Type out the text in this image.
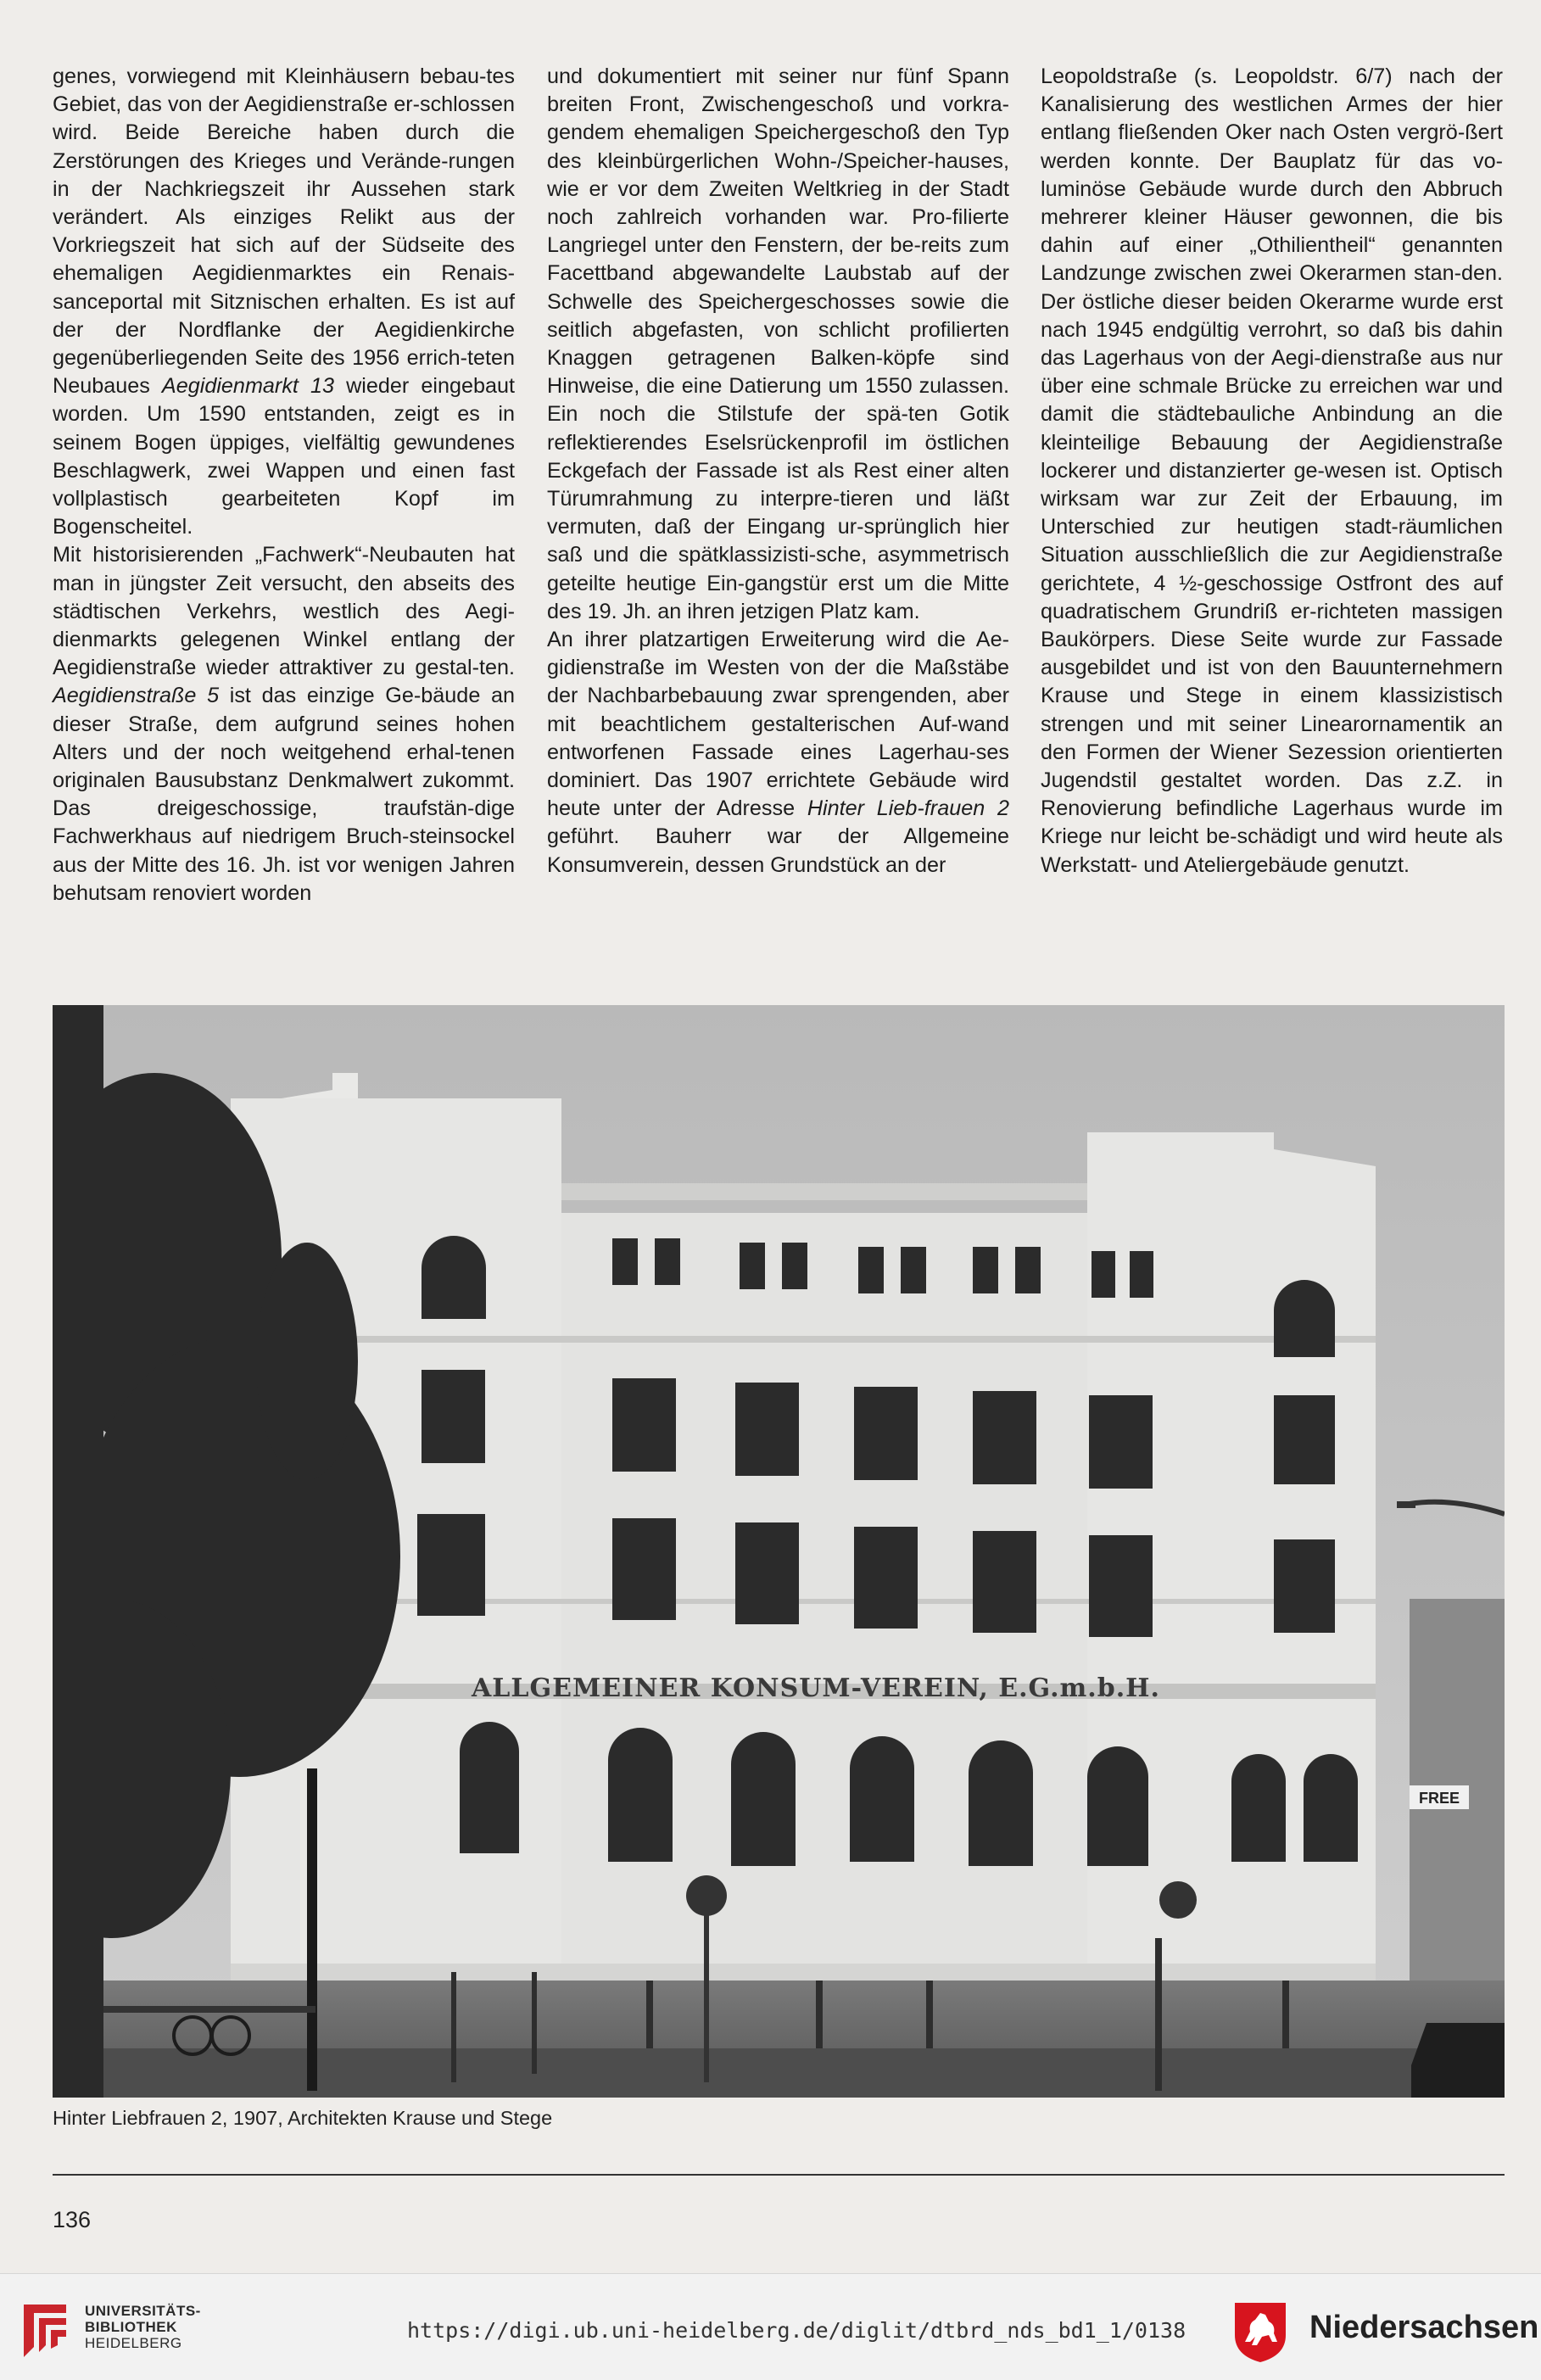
genes, vorwiegend mit Kleinhäusern bebau-tes Gebiet, das von der Aegidienstraße er-schlossen wird. Beide Bereiche haben durch die Zerstörungen des Krieges und Verände-rungen in der Nachkriegszeit ihr Aussehen stark verändert. Als einziges Relikt aus der Vorkriegszeit hat sich auf der Südseite des ehemaligen Aegidienmarktes ein Renais-sanceportal mit Sitznischen erhalten. Es ist auf der der Nordflanke der Aegidienkirche gegenüberliegenden Seite des 1956 errich-teten Neubaues Aegidienmarkt 13 wieder eingebaut worden. Um 1590 entstanden, zeigt es in seinem Bogen üppiges, vielfältig gewundenes Beschlagwerk, zwei Wappen und einen fast vollplastisch gearbeiteten Kopf im Bogenscheitel.

Mit historisierenden „Fachwerk“-Neubauten hat man in jüngster Zeit versucht, den abseits des städtischen Verkehrs, westlich des Aegi-dienmarkts gelegenen Winkel entlang der Aegidienstraße wieder attraktiver zu gestal-ten. Aegidienstraße 5 ist das einzige Ge-bäude an dieser Straße, dem aufgrund seines hohen Alters und der noch weitgehend erhal-tenen originalen Bausubstanz Denkmalwert zukommt. Das dreigeschossige, traufstän-dige Fachwerkhaus auf niedrigem Bruch-steinsockel aus der Mitte des 16. Jh. ist vor wenigen Jahren behutsam renoviert worden

und dokumentiert mit seiner nur fünf Spann breiten Front, Zwischengeschoß und vorkra-gendem ehemaligen Speichergeschoß den Typ des kleinbürgerlichen Wohn-/Speicher-hauses, wie er vor dem Zweiten Weltkrieg in der Stadt noch zahlreich vorhanden war. Pro-filierte Langriegel unter den Fenstern, der be-reits zum Facettband abgewandelte Laubstab auf der Schwelle des Speichergeschosses sowie die seitlich abgefasten, von schlicht profilierten Knaggen getragenen Balken-köpfe sind Hinweise, die eine Datierung um 1550 zulassen. Ein noch die Stilstufe der spä-ten Gotik reflektierendes Eselsrückenprofil im östlichen Eckgefach der Fassade ist als Rest einer alten Türumrahmung zu interpre-tieren und läßt vermuten, daß der Eingang ur-sprünglich hier saß und die spätklassizisti-sche, asymmetrisch geteilte heutige Ein-gangstür erst um die Mitte des 19. Jh. an ihren jetzigen Platz kam.

An ihrer platzartigen Erweiterung wird die Ae-gidienstraße im Westen von der die Maßstäbe der Nachbarbebauung zwar sprengenden, aber mit beachtlichem gestalterischen Auf-wand entworfenen Fassade eines Lagerhau-ses dominiert. Das 1907 errichtete Gebäude wird heute unter der Adresse Hinter Lieb-frauen 2 geführt. Bauherr war der Allgemeine Konsumverein, dessen Grundstück an der

Leopoldstraße (s. Leopoldstr. 6/7) nach der Kanalisierung des westlichen Armes der hier entlang fließenden Oker nach Osten vergrö-ßert werden konnte. Der Bauplatz für das vo-luminöse Gebäude wurde durch den Abbruch mehrerer kleiner Häuser gewonnen, die bis dahin auf einer „Othilientheil“ genannten Landzunge zwischen zwei Okerarmen stan-den. Der östliche dieser beiden Okerarme wurde erst nach 1945 endgültig verrohrt, so daß bis dahin das Lagerhaus von der Aegi-dienstraße aus nur über eine schmale Brücke zu erreichen war und damit die städtebauliche Anbindung an die kleinteilige Bebauung der Aegidienstraße lockerer und distanzierter ge-wesen ist. Optisch wirksam war zur Zeit der Erbauung, im Unterschied zur heutigen stadt-räumlichen Situation ausschließlich die zur Aegidienstraße gerichtete, 4 ½-geschossige Ostfront des auf quadratischem Grundriß er-richteten massigen Baukörpers. Diese Seite wurde zur Fassade ausgebildet und ist von den Bauunternehmern Krause und Stege in einem klassizistisch strengen und mit seiner Linearornamentik an den Formen der Wiener Sezession orientierten Jugendstil gestaltet worden. Das z.Z. in Renovierung befindliche Lagerhaus wurde im Kriege nur leicht be-schädigt und wird heute als Werkstatt- und Ateliergebäude genutzt.

ALLGEMEINER KONSUM-VEREIN, E.G.m.b.H.
FREE
Hinter Liebfrauen 2, 1907, Architekten Krause und Stege
136
UNIVERSITÄTS-
BIBLIOTHEK
HEIDELBERG
https://digi.ub.uni-heidelberg.de/diglit/dtbrd_nds_bd1_1/0138	Niedersachsen
